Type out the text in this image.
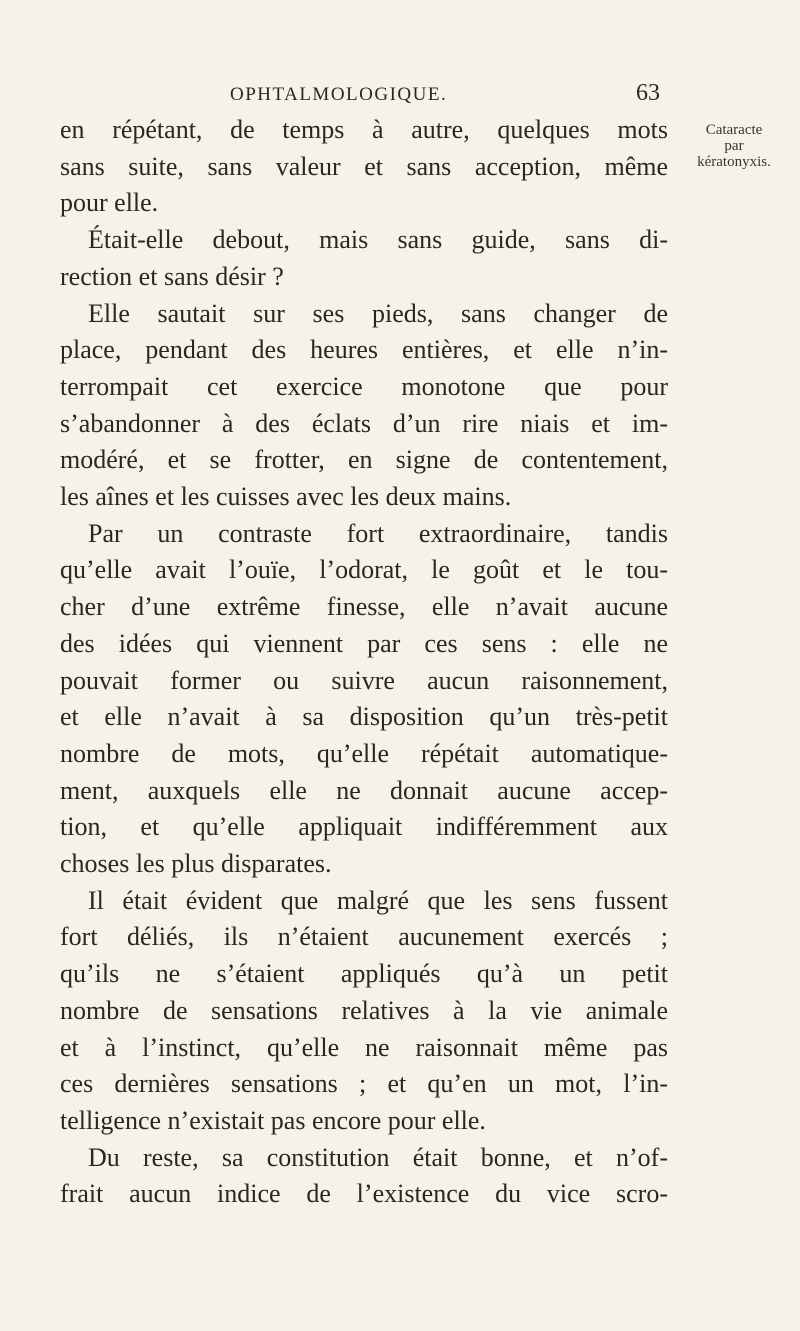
OPHTALMOLOGIQUE.	63
Cataracte
par
kératonyxis.
en répétant, de temps à autre, quelques mots
sans suite, sans valeur et sans acception, même
pour elle.
Était-elle debout, mais sans guide, sans di-
rection et sans désir ?
Elle sautait sur ses pieds, sans changer de
place, pendant des heures entières, et elle n’in-
terrompait cet exercice monotone que pour
s’abandonner à des éclats d’un rire niais et im-
modéré, et se frotter, en signe de contentement,
les aînes et les cuisses avec les deux mains.
Par un contraste fort extraordinaire, tandis
qu’elle avait l’ouïe, l’odorat, le goût et le tou-
cher d’une extrême finesse, elle n’avait aucune
des idées qui viennent par ces sens : elle ne
pouvait former ou suivre aucun raisonnement,
et elle n’avait à sa disposition qu’un très-petit
nombre de mots, qu’elle répétait automatique-
ment, auxquels elle ne donnait aucune accep-
tion, et qu’elle appliquait indifféremment aux
choses les plus disparates.
Il était évident que malgré que les sens fussent
fort déliés, ils n’étaient aucunement exercés ;
qu’ils ne s’étaient appliqués qu’à un petit
nombre de sensations relatives à la vie animale
et à l’instinct, qu’elle ne raisonnait même pas
ces dernières sensations ; et qu’en un mot, l’in-
telligence n’existait pas encore pour elle.
Du reste, sa constitution était bonne, et n’of-
frait aucun indice de l’existence du vice scro-
